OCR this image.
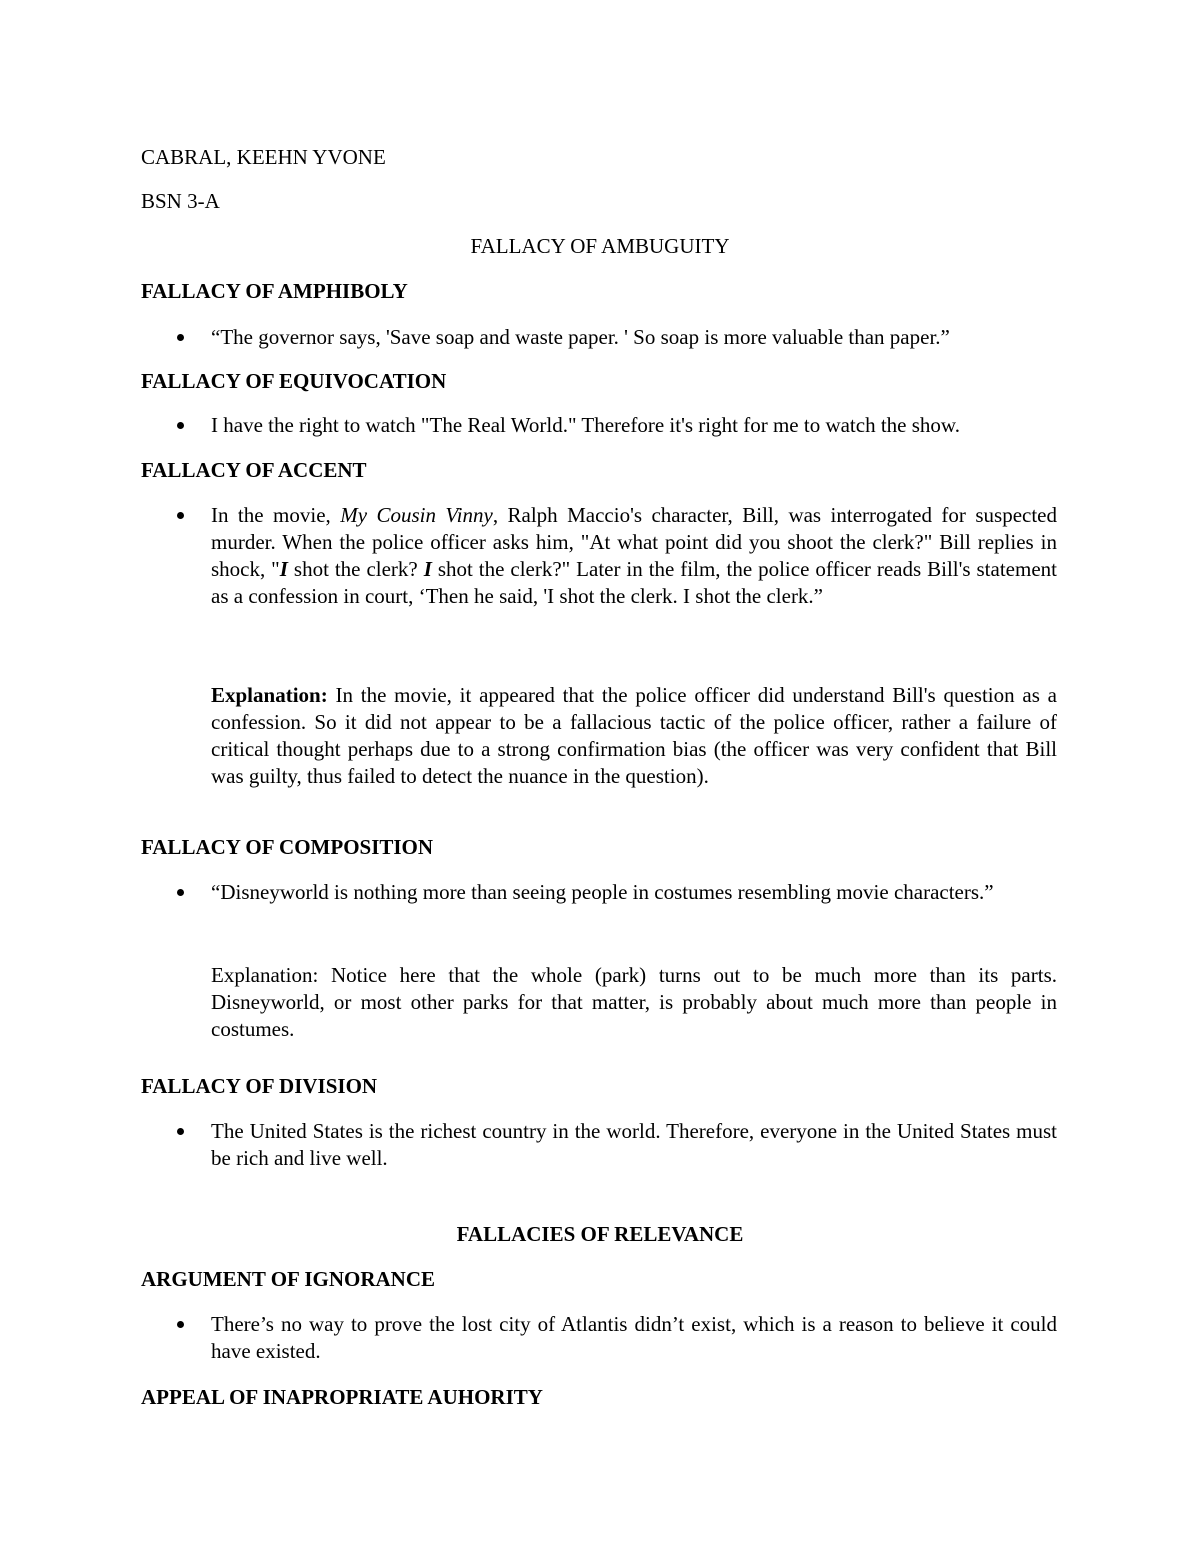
CABRAL, KEEHN YVONE
BSN 3-A
FALLACY OF AMBUGUITY
FALLACY OF AMPHIBOLY
“The governor says, 'Save soap and waste paper. ' So soap is more valuable than paper.”
FALLACY OF EQUIVOCATION
I have the right to watch "The Real World." Therefore it's right for me to watch the show.
FALLACY OF ACCENT
In the movie, My Cousin Vinny, Ralph Maccio's character, Bill, was interrogated for suspected murder. When the police officer asks him, "At what point did you shoot the clerk?" Bill replies in shock, "I shot the clerk? I shot the clerk?" Later in the film, the police officer reads Bill's statement as a confession in court, ‘Then he said, 'I shot the clerk. I shot the clerk.”
Explanation: In the movie, it appeared that the police officer did understand Bill's question as a confession. So it did not appear to be a fallacious tactic of the police officer, rather a failure of critical thought perhaps due to a strong confirmation bias (the officer was very confident that Bill was guilty, thus failed to detect the nuance in the question).
FALLACY OF COMPOSITION
“Disneyworld is nothing more than seeing people in costumes resembling movie characters.”
Explanation: Notice here that the whole (park) turns out to be much more than its parts. Disneyworld, or most other parks for that matter, is probably about much more than people in costumes.
FALLACY OF DIVISION
The United States is the richest country in the world. Therefore, everyone in the United States must be rich and live well.
FALLACIES OF RELEVANCE
ARGUMENT OF IGNORANCE
There’s no way to prove the lost city of Atlantis didn’t exist, which is a reason to believe it could have existed.
APPEAL OF INAPROPRIATE AUHORITY
